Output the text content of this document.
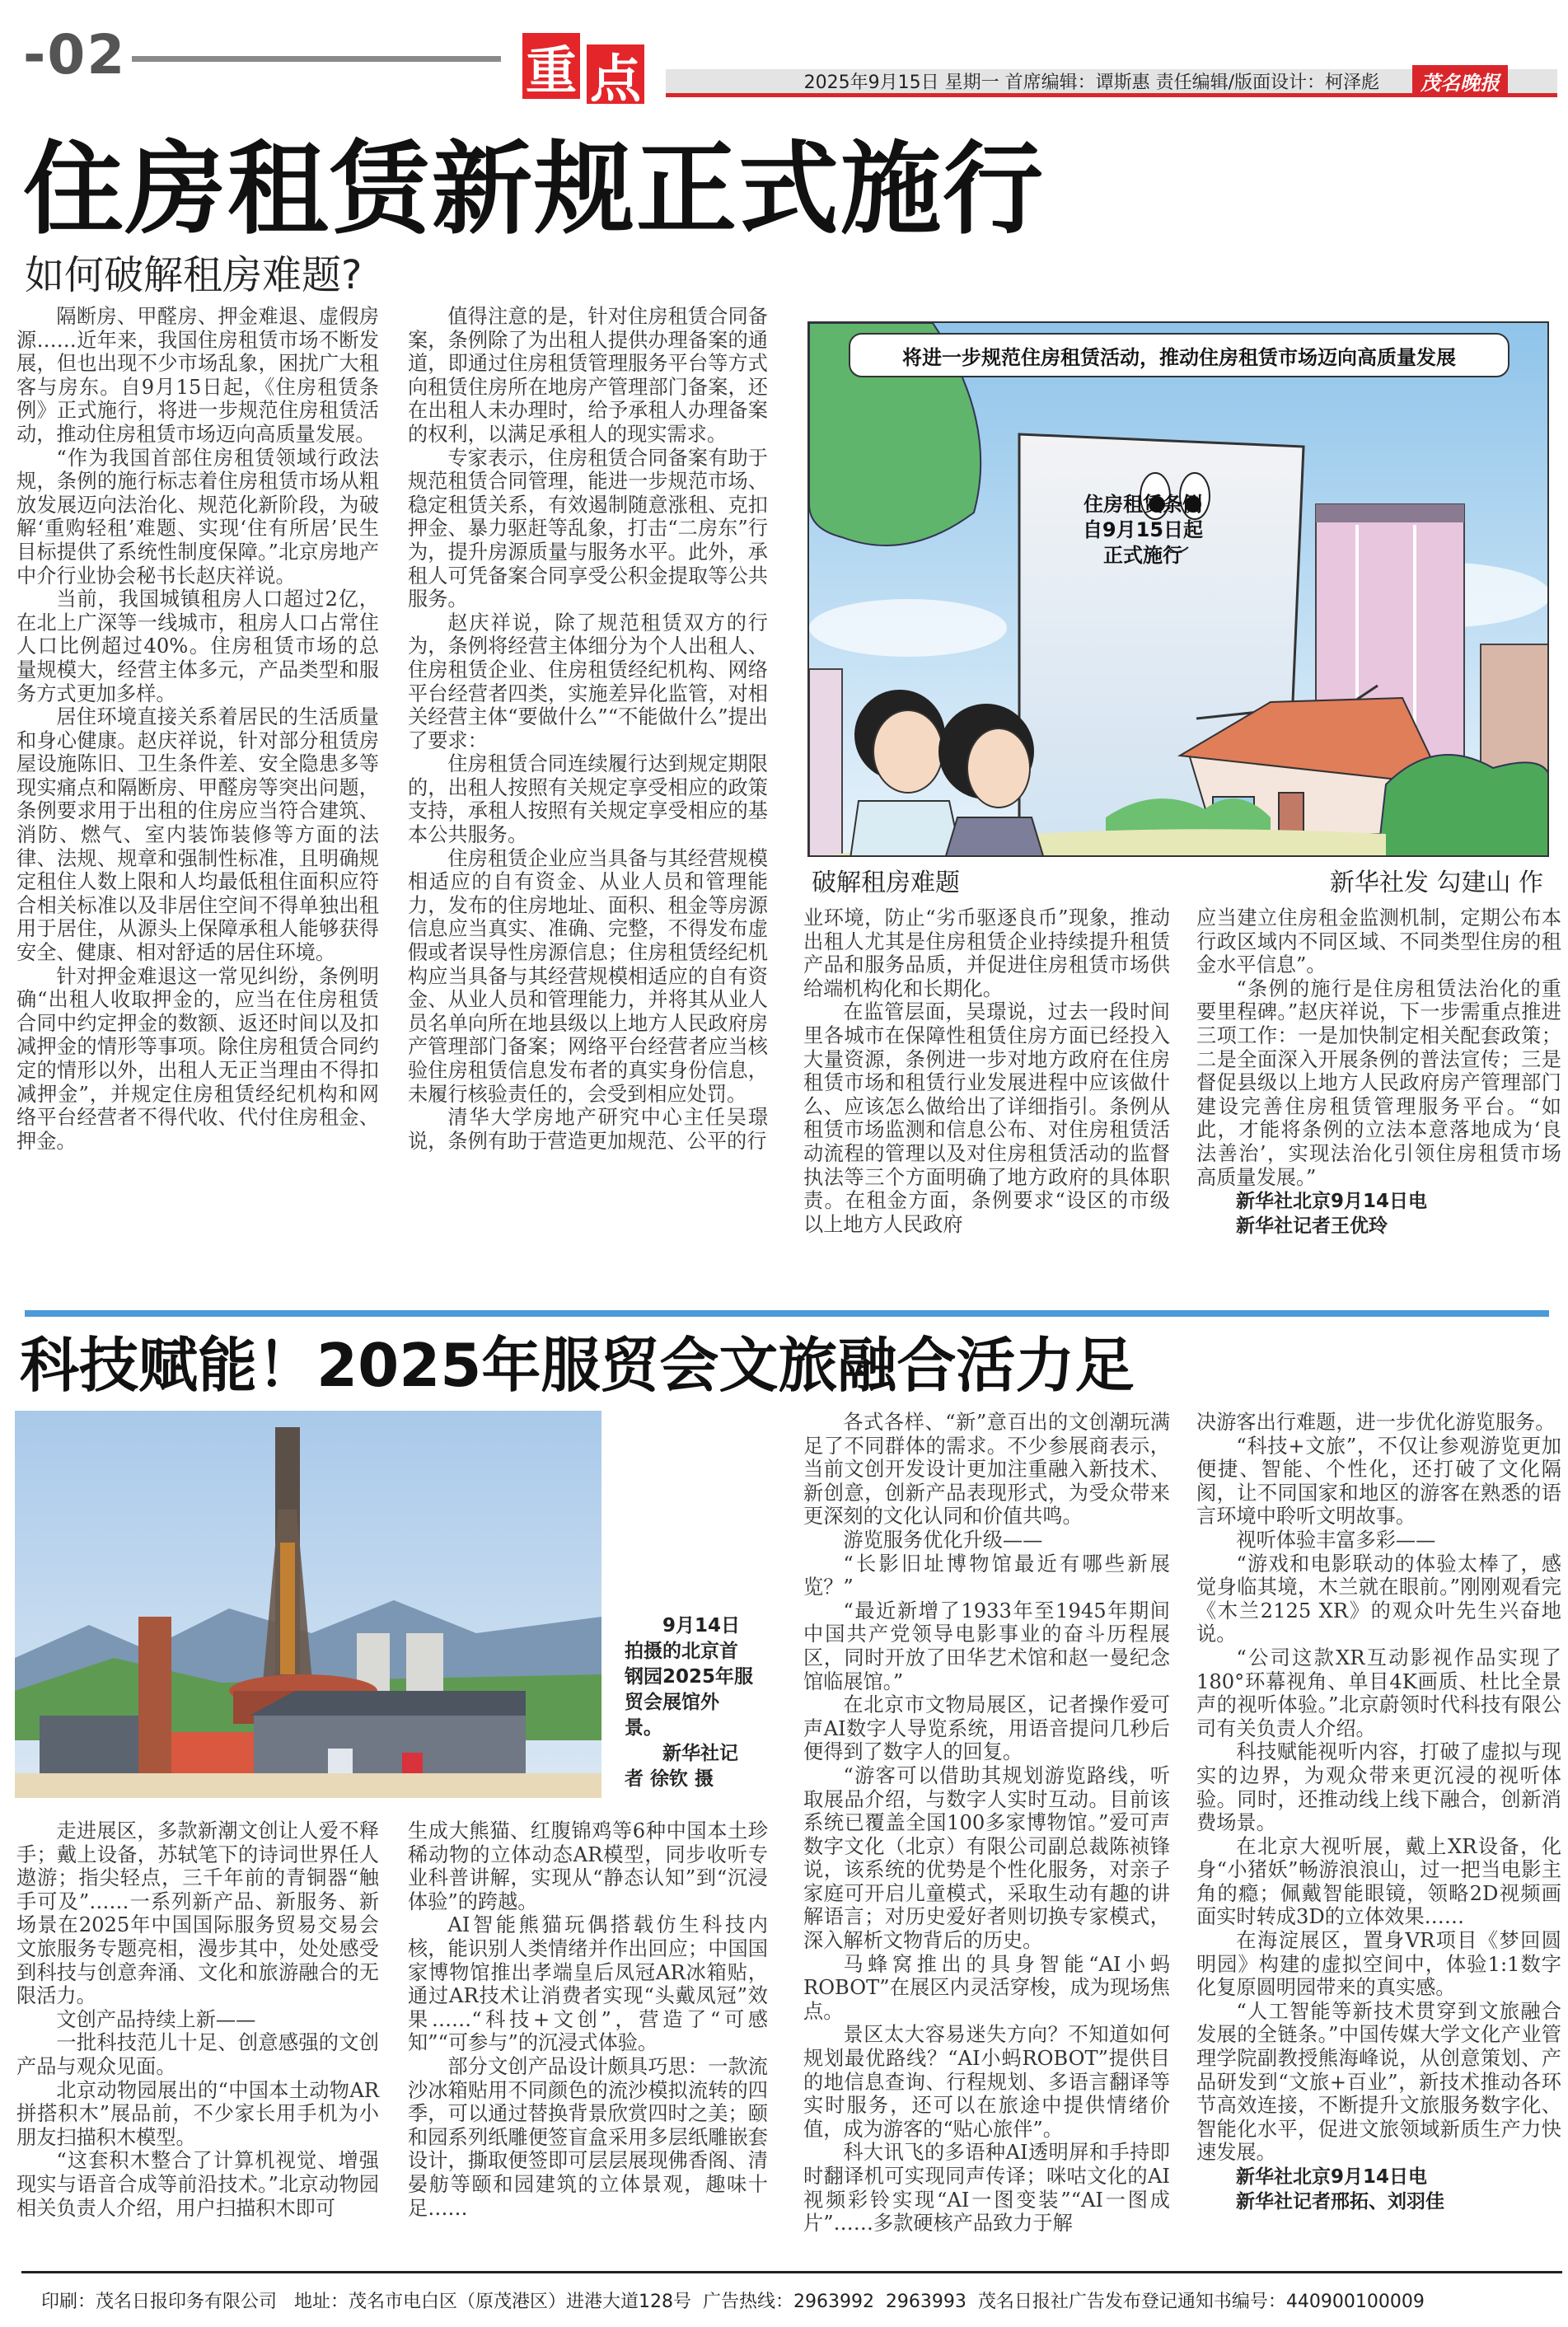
-02	重 点	2025年9月15日 星期一 首席编辑：谭斯惠 责任编辑/版面设计：柯泽彪	茂名晚报
住房租赁新规正式施行
如何破解租房难题?

隔断房、甲醛房、押金难退、虚假房源……近年来，我国住房租赁市场不断发展，但也出现不少市场乱象，困扰广大租客与房东。自9月15日起，《住房租赁条例》正式施行，将进一步规范住房租赁活动，推动住房租赁市场迈向高质量发展。

“作为我国首部住房租赁领域行政法规，条例的施行标志着住房租赁市场从粗放发展迈向法治化、规范化新阶段，为破解‘重购轻租’难题、实现‘住有所居’民生目标提供了系统性制度保障。”北京房地产中介行业协会秘书长赵庆祥说。

当前，我国城镇租房人口超过2亿，在北上广深等一线城市，租房人口占常住人口比例超过40%。住房租赁市场的总量规模大，经营主体多元，产品类型和服务方式更加多样。

居住环境直接关系着居民的生活质量和身心健康。赵庆祥说，针对部分租赁房屋设施陈旧、卫生条件差、安全隐患多等现实痛点和隔断房、甲醛房等突出问题，条例要求用于出租的住房应当符合建筑、消防、燃气、室内装饰装修等方面的法律、法规、规章和强制性标准，且明确规定租住人数上限和人均最低租住面积应符合相关标准以及非居住空间不得单独出租用于居住，从源头上保障承租人能够获得安全、健康、相对舒适的居住环境。

针对押金难退这一常见纠纷，条例明确“出租人收取押金的，应当在住房租赁合同中约定押金的数额、返还时间以及扣减押金的情形等事项。除住房租赁合同约定的情形以外，出租人无正当理由不得扣减押金”，并规定住房租赁经纪机构和网络平台经营者不得代收、代付住房租金、押金。

值得注意的是，针对住房租赁合同备案，条例除了为出租人提供办理备案的通道，即通过住房租赁管理服务平台等方式向租赁住房所在地房产管理部门备案，还在出租人未办理时，给予承租人办理备案的权利，以满足承租人的现实需求。

专家表示，住房租赁合同备案有助于规范租赁合同管理，能进一步规范市场、稳定租赁关系，有效遏制随意涨租、克扣押金、暴力驱赶等乱象，打击“二房东”行为，提升房源质量与服务水平。此外，承租人可凭备案合同享受公积金提取等公共服务。

赵庆祥说，除了规范租赁双方的行为，条例将经营主体细分为个人出租人、住房租赁企业、住房租赁经纪机构、网络平台经营者四类，实施差异化监管，对相关经营主体“要做什么”“不能做什么”提出了要求：

住房租赁合同连续履行达到规定期限的，出租人按照有关规定享受相应的政策支持，承租人按照有关规定享受相应的基本公共服务。

住房租赁企业应当具备与其经营规模相适应的自有资金、从业人员和管理能力，发布的住房地址、面积、租金等房源信息应当真实、准确、完整，不得发布虚假或者误导性房源信息；住房租赁经纪机构应当具备与其经营规模相适应的自有资金、从业人员和管理能力，并将其从业人员名单向所在地县级以上地方人民政府房产管理部门备案；网络平台经营者应当核验住房租赁信息发布者的真实身份信息，未履行核验责任的，会受到相应处罚。

清华大学房地产研究中心主任吴璟说，条例有助于营造更加规范、公平的行

将进一步规范住房租赁活动，推动住房租赁市场迈向高质量发展
住房租赁条例
自9月15日起
正式施行
破解租房难题	新华社发 勾建山 作

业环境，防止“劣币驱逐良币”现象，推动出租人尤其是住房租赁企业持续提升租赁产品和服务品质，并促进住房租赁市场供给端机构化和长期化。

在监管层面，吴璟说，过去一段时间里各城市在保障性租赁住房方面已经投入大量资源，条例进一步对地方政府在住房租赁市场和租赁行业发展进程中应该做什么、应该怎么做给出了详细指引。条例从租赁市场监测和信息公布、对住房租赁活动流程的管理以及对住房租赁活动的监督执法等三个方面明确了地方政府的具体职责。在租金方面，条例要求“设区的市级以上地方人民政府

应当建立住房租金监测机制，定期公布本行政区域内不同区域、不同类型住房的租金水平信息”。

“条例的施行是住房租赁法治化的重要里程碑。”赵庆祥说，下一步需重点推进三项工作：一是加快制定相关配套政策；二是全面深入开展条例的普法宣传；三是督促县级以上地方人民政府房产管理部门建设完善住房租赁管理服务平台。“如此，才能将条例的立法本意落地成为‘良法善治’，实现法治化引领住房租赁市场高质量发展。”

新华社北京9月14日电
新华社记者王优玲
科技赋能！2025年服贸会文旅融合活力足

9月14日拍摄的北京首钢园2025年服贸会展馆外景。

新华社记者 徐钦 摄

走进展区，多款新潮文创让人爱不释手；戴上设备，苏轼笔下的诗词世界任人遨游；指尖轻点，三千年前的青铜器“触手可及”……一系列新产品、新服务、新场景在2025年中国国际服务贸易交易会文旅服务专题亮相，漫步其中，处处感受到科技与创意奔涌、文化和旅游融合的无限活力。

文创产品持续上新——

一批科技范儿十足、创意感强的文创产品与观众见面。

北京动物园展出的“中国本土动物AR拼搭积木”展品前，不少家长用手机为小朋友扫描积木模型。

“这套积木整合了计算机视觉、增强现实与语音合成等前沿技术。”北京动物园相关负责人介绍，用户扫描积木即可

生成大熊猫、红腹锦鸡等6种中国本土珍稀动物的立体动态AR模型，同步收听专业科普讲解，实现从“静态认知”到“沉浸体验”的跨越。

AI智能熊猫玩偶搭载仿生科技内核，能识别人类情绪并作出回应；中国国家博物馆推出孝端皇后凤冠AR冰箱贴，通过AR技术让消费者实现“头戴凤冠”效果……“科技+文创”，营造了“可感知”“可参与”的沉浸式体验。

部分文创产品设计颇具巧思：一款流沙冰箱贴用不同颜色的流沙模拟流转的四季，可以通过替换背景欣赏四时之美；颐和园系列纸雕便签盲盒采用多层纸雕嵌套设计，撕取便签即可层层展现佛香阁、清晏舫等颐和园建筑的立体景观，趣味十足……

各式各样、“新”意百出的文创潮玩满足了不同群体的需求。不少参展商表示，当前文创开发设计更加注重融入新技术、新创意，创新产品表现形式，为受众带来更深刻的文化认同和价值共鸣。

游览服务优化升级——

“长影旧址博物馆最近有哪些新展览？”

“最近新增了1933年至1945年期间中国共产党领导电影事业的奋斗历程展区，同时开放了田华艺术馆和赵一曼纪念馆临展馆。”

在北京市文物局展区，记者操作爱可声AI数字人导览系统，用语音提问几秒后便得到了数字人的回复。

“游客可以借助其规划游览路线，听取展品介绍，与数字人实时互动。目前该系统已覆盖全国100多家博物馆。”爱可声数字文化（北京）有限公司副总裁陈祯锋说，该系统的优势是个性化服务，对亲子家庭可开启儿童模式，采取生动有趣的讲解语言；对历史爱好者则切换专家模式，深入解析文物背后的历史。

马蜂窝推出的具身智能“AI小蚂ROBOT”在展区内灵活穿梭，成为现场焦点。

景区太大容易迷失方向？不知道如何规划最优路线？“AI小蚂ROBOT”提供目的地信息查询、行程规划、多语言翻译等实时服务，还可以在旅途中提供情绪价值，成为游客的“贴心旅伴”。

科大讯飞的多语种AI透明屏和手持即时翻译机可实现同声传译；咪咕文化的AI视频彩铃实现“AI一图变装”“AI一图成片”……多款硬核产品致力于解

决游客出行难题，进一步优化游览服务。

“科技+文旅”，不仅让参观游览更加便捷、智能、个性化，还打破了文化隔阂，让不同国家和地区的游客在熟悉的语言环境中聆听文明故事。

视听体验丰富多彩——

“游戏和电影联动的体验太棒了，感觉身临其境，木兰就在眼前。”刚刚观看完《木兰2125 XR》的观众叶先生兴奋地说。

“公司这款XR互动影视作品实现了180°环幕视角、单目4K画质、杜比全景声的视听体验。”北京蔚领时代科技有限公司有关负责人介绍。

科技赋能视听内容，打破了虚拟与现实的边界，为观众带来更沉浸的视听体验。同时，还推动线上线下融合，创新消费场景。

在北京大视听展，戴上XR设备，化身“小猪妖”畅游浪浪山，过一把当电影主角的瘾；佩戴智能眼镜，领略2D视频画面实时转成3D的立体效果……

在海淀展区，置身VR项目《梦回圆明园》构建的虚拟空间中，体验1:1数字化复原圆明园带来的真实感。

“人工智能等新技术贯穿到文旅融合发展的全链条。”中国传媒大学文化产业管理学院副教授熊海峰说，从创意策划、产品研发到“文旅+百业”，新技术推动各环节高效连接，不断提升文旅服务数字化、智能化水平，促进文旅领域新质生产力快速发展。

新华社北京9月14日电
新华社记者邢拓、刘羽佳
印刷：茂名日报印务有限公司   地址：茂名市电白区（原茂港区）进港大道128号  广告热线：2963992  2963993  茂名日报社广告发布登记通知书编号：440900100009
